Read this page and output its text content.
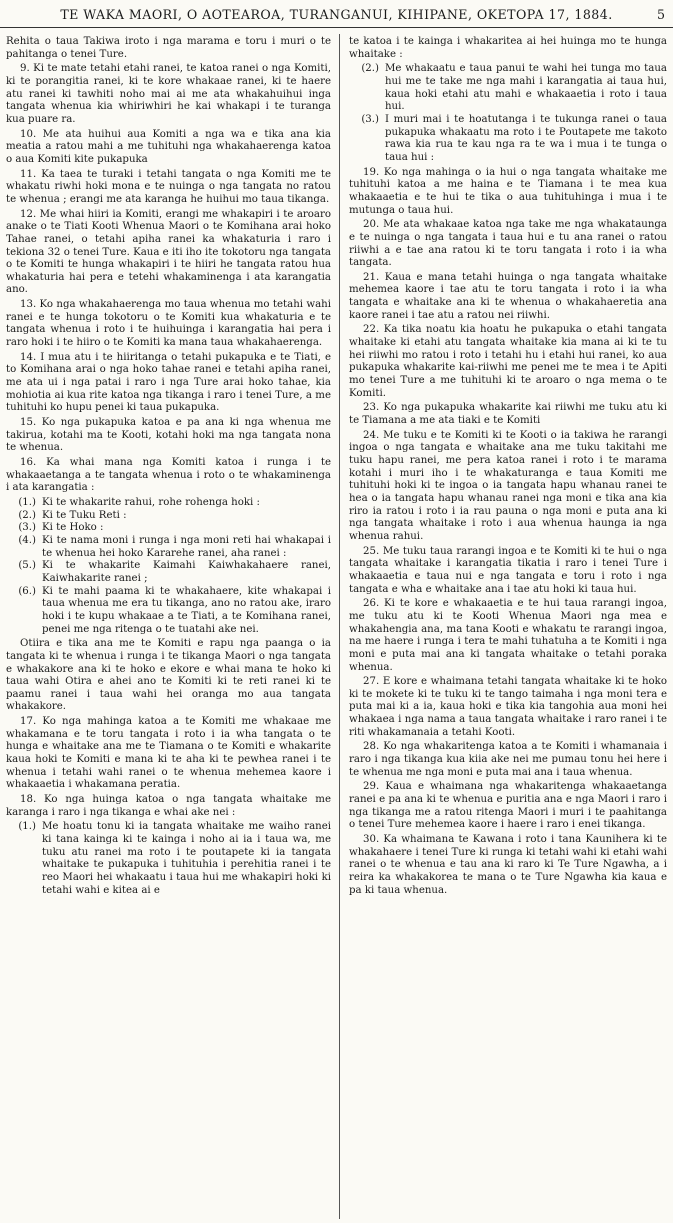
TE WAKA MAORI, O AOTEAROA, TURANGANUI, KIHIPANE, OKETOPA 17, 1884.	5

Rehita o taua Takiwa iroto i nga marama e toru i muri o te pahitanga o tenei Ture.

9. Ki te mate tetahi etahi ranei, te katoa ranei o nga Komiti, ki te porangitia ranei, ki te kore whakaae ranei, ki te haere atu ranei ki tawhiti noho mai ai me ata whakahuihui inga tangata whenua kia whiriwhiri he kai whakapi i te turanga kua puare ra.

10. Me ata huihui aua Komiti a nga wa e tika ana kia meatia a ratou mahi a me tuhituhi nga whakahaerenga katoa o aua Komiti kite pukapuka

11. Ka taea te turaki i tetahi tangata o nga Komiti me te whakatu riwhi hoki mona e te nuinga o nga tangata no ratou te whenua ; erangi me ata karanga he huihui mo taua tikanga.

12. Me whai hiiri ia Komiti, erangi me whakapiri i te aroaro anake o te Tiati Kooti Whenua Maori o te Komihana arai hoko Tahae ranei, o tetahi apiha ranei ka whakaturia i raro i tekiona 32 o tenei Ture. Kaua e iti iho ite tokotoru nga tangata o te Komiti te hunga whakapiri i te hiiri he tangata ratou hua whakaturia hai pera e tetehi whakaminenga i ata karangatia ano.

13. Ko nga whakahaerenga mo taua whenua mo tetahi wahi ranei e te hunga tokotoru o te Komiti kua whakaturia e te tangata whenua i roto i te huihuinga i karangatia hai pera i raro hoki i te hiiro o te Komiti ka mana taua whakahaerenga.

14. I mua atu i te hiiritanga o tetahi pukapuka e te Tiati, e to Komihana arai o nga hoko tahae ranei e tetahi apiha ranei, me ata ui i nga patai i raro i nga Ture arai hoko tahae, kia mohiotia ai kua rite katoa nga tikanga i raro i tenei Ture, a me tuhituhi ko hupu penei ki taua pukapuka.

15. Ko nga pukapuka katoa e pa ana ki nga whenua me takirua, kotahi ma te Kooti, kotahi hoki ma nga tangata nona te whenua.

16. Ka whai mana nga Komiti katoa i runga i te whakaaetanga a te tangata whenua i roto o te whakaminenga i ata karangatia :

(1.) Ki te whakarite rahui, rohe rohenga hoki :
(2.) Ki te Tuku Reti :
(3.) Ki te Hoko :
(4.) Ki te nama moni i runga i nga moni reti hai whakapai i te whenua hei hoko Kararehe ranei, aha ranei :
(5.) Ki te whakarite Kaimahi Kaiwhakahaere ranei, Kaiwhakarite ranei ;
(6.) Ki te mahi paama ki te whakahaere, kite whakapai i taua whenua me era tu tikanga, ano no ratou ake, iraro hoki i te kupu whakaae a te Tiati, a te Komihana ranei, penei me nga ritenga o te tuatahi ake nei.

Otiira e tika ana me te Komiti e rapu nga paanga o ia tangata ki te whenua i runga i te tikanga Maori o nga tangata e whakakore ana ki te hoko e ekore e whai mana te hoko ki taua wahi Otira e ahei ano te Komiti ki te reti ranei ki te paamu ranei i taua wahi hei oranga mo aua tangata whakakore.

17. Ko nga mahinga katoa a te Komiti me whakaae me whakamana e te toru tangata i roto i ia wha tangata o te hunga e whaitake ana me te Tiamana o te Komiti e whakarite kaua hoki te Komiti e mana ki te aha ki te pewhea ranei i te whenua i tetahi wahi ranei o te whenua mehemea kaore i whakaaetia i whakamana peratia.

18. Ko nga huinga katoa o nga tangata whaitake me karanga i raro i nga tikanga e whai ake nei :

(1.) Me hoatu tonu ki ia tangata whaitake me waiho ranei ki tana kainga ki te kainga i noho ai ia i taua wa, me tuku atu ranei ma roto i te poutapete ki ia tangata whaitake te pukapuka i tuhituhia i perehitia ranei i te reo Maori hei whakaatu i taua hui me whakapiri hoki ki tetahi wahi e kitea ai e

te katoa i te kainga i whakaritea ai hei huinga mo te hunga whaitake :

(2.) Me whakaatu e taua panui te wahi hei tunga mo taua hui me te take me nga mahi i karangatia ai taua hui, kaua hoki etahi atu mahi e whakaaetia i roto i taua hui.
(3.) I muri mai i te hoatutanga i te tukunga ranei o taua pukapuka whakaatu ma roto i te Poutapete me takoto rawa kia rua te kau nga ra te wa i mua i te tunga o taua hui :

19. Ko nga mahinga o ia hui o nga tangata whaitake me tuhituhi katoa a me haina e te Tiamana i te mea kua whakaaetia e te hui te tika o aua tuhituhinga i mua i te mutunga o taua hui.

20. Me ata whakaae katoa nga take me nga whakataunga e te nuinga o nga tangata i taua hui e tu ana ranei o ratou riiwhi a e tae ana ratou ki te toru tangata i roto i ia wha tangata.

21. Kaua e mana tetahi huinga o nga tangata whaitake mehemea kaore i tae atu te toru tangata i roto i ia wha tangata e whaitake ana ki te whenua o whakahaeretia ana kaore ranei i tae atu a ratou nei riiwhi.

22. Ka tika noatu kia hoatu he pukapuka o etahi tangata whaitake ki etahi atu tangata whaitake kia mana ai ki te tu hei riiwhi mo ratou i roto i tetahi hu i etahi hui ranei, ko aua pukapuka whakarite kai-riiwhi me penei me te mea i te Apiti mo tenei Ture a me tuhituhi ki te aroaro o nga mema o te Komiti.

23. Ko nga pukapuka whakarite kai riiwhi me tuku atu ki te Tiamana a me ata tiaki e te Komiti

24. Me tuku e te Komiti ki te Kooti o ia takiwa he rarangi ingoa o nga tangata e whaitake ana me tuku takitahi me tuku hapu ranei, me pera katoa ranei i roto i te marama kotahi i muri iho i te whakaturanga e taua Komiti me tuhituhi hoki ki te ingoa o ia tangata hapu whanau ranei te hea o ia tangata hapu whanau ranei nga moni e tika ana kia riro ia ratou i roto i ia rau pauna o nga moni e puta ana ki nga tangata whaitake i roto i aua whenua haunga ia nga whenua rahui.

25. Me tuku taua rarangi ingoa e te Komiti ki te hui o nga tangata whaitake i karangatia tikatia i raro i tenei Ture i whakaaetia e taua nui e nga tangata e toru i roto i nga tangata e wha e whaitake ana i tae atu hoki ki taua hui.

26. Ki te kore e whakaaetia e te hui taua rarangi ingoa, me tuku atu ki te Kooti Whenua Maori nga mea e whakahengia ana, ma tana Kooti e whakatu te rarangi ingoa, na me haere i runga i tera te mahi tuhatuha a te Komiti i nga moni e puta mai ana ki tangata whaitake o tetahi poraka whenua.

27. E kore e whaimana tetahi tangata whaitake ki te hoko ki te mokete ki te tuku ki te tango taimaha i nga moni tera e puta mai ki a ia, kaua hoki e tika kia tangohia aua moni hei whakaea i nga nama a taua tangata whaitake i raro ranei i te riti whakamanaia a tetahi Kooti.

28. Ko nga whakaritenga katoa a te Komiti i whamanaia i raro i nga tikanga kua kiia ake nei me pumau tonu hei here i te whenua me nga moni e puta mai ana i taua whenua.

29. Kaua e whaimana nga whakaritenga whakaaetanga ranei e pa ana ki te whenua e puritia ana e nga Maori i raro i nga tikanga me a ratou ritenga Maori i muri i te paahitanga o tenei Ture mehemea kaore i haere i raro i enei tikanga.

30. Ka whaimana te Kawana i roto i tana Kaunihera ki te whakahaere i tenei Ture ki runga ki tetahi wahi ki etahi wahi ranei o te whenua e tau ana ki raro ki Te Ture Ngawha, a i reira ka whakakorea te mana o te Ture Ngawha kia kaua e pa ki taua whenua.
